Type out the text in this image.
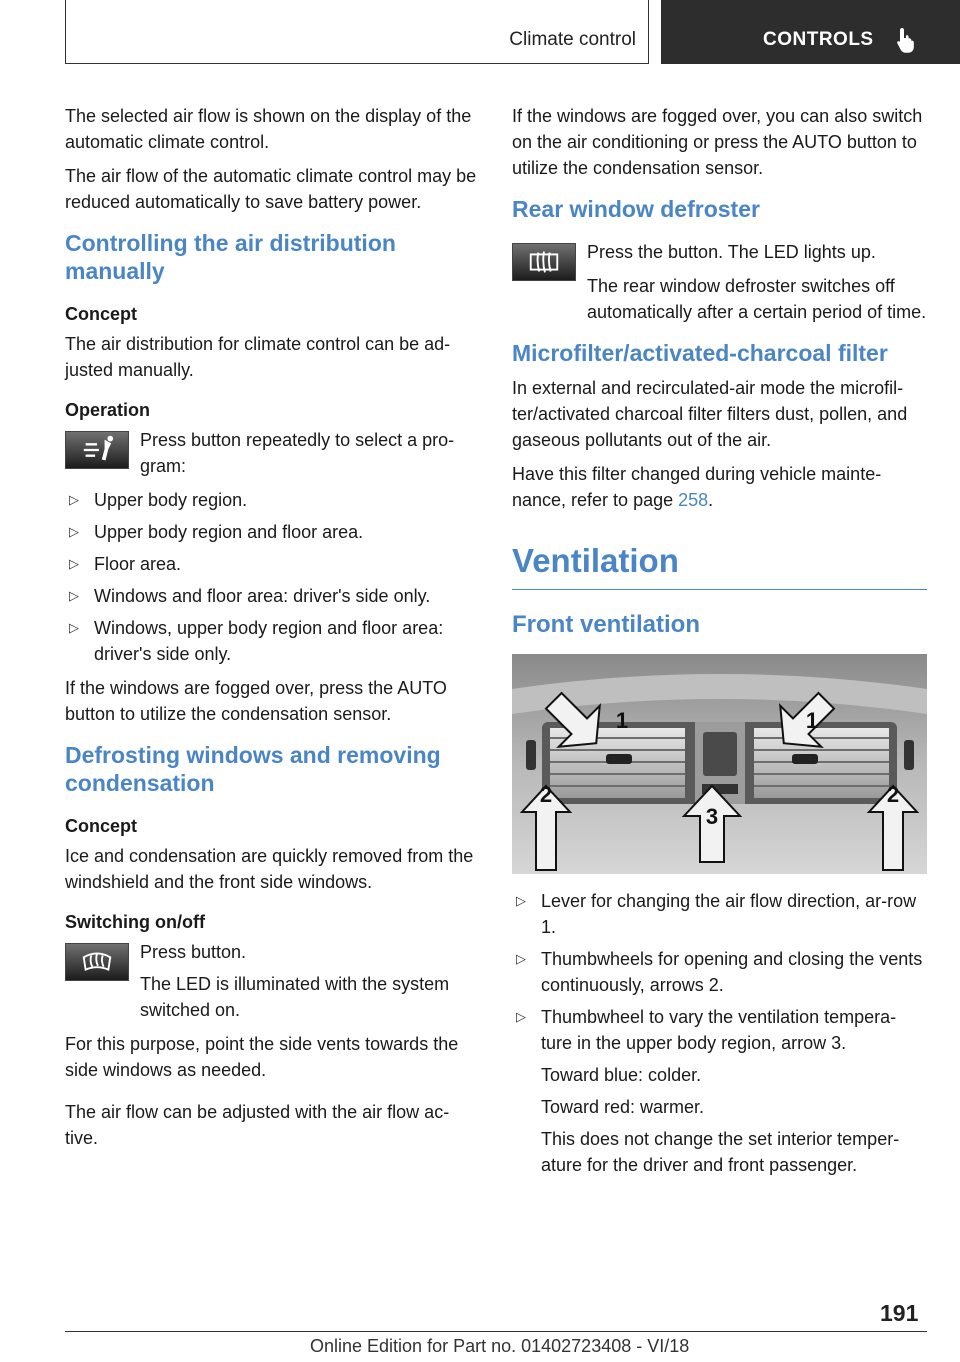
Climate control	CONTROLS

The selected air flow is shown on the display of the automatic climate control.

The air flow of the automatic climate control may be reduced automatically to save battery power.

Controlling the air distribution manually
Concept

The air distribution for climate control can be ad‐justed manually.

Operation

Press button repeatedly to select a pro‐gram:

▷ Upper body region.
▷ Upper body region and floor area.
▷ Floor area.
▷ Windows and floor area: driver's side only.
▷ Windows, upper body region and floor area: driver's side only.

If the windows are fogged over, press the AUTO button to utilize the condensation sensor.

Defrosting windows and removing condensation
Concept

Ice and condensation are quickly removed from the windshield and the front side windows.

Switching on/off

Press button.

The LED is illuminated with the system switched on.

For this purpose, point the side vents towards the side windows as needed.

The air flow can be adjusted with the air flow ac‐tive.

If the windows are fogged over, you can also switch on the air conditioning or press the AUTO button to utilize the condensation sensor.

Rear window defroster

Press the button. The LED lights up.

The rear window defroster switches off automatically after a certain period of time.

Microfilter/activated-charcoal filter

In external and recirculated-air mode the microfil‐ter/activated charcoal filter filters dust, pollen, and gaseous pollutants out of the air.

Have this filter changed during vehicle mainte‐nance, refer to page 258.

Ventilation
Front ventilation
1	1
2	2
3
▷ Lever for changing the air flow direction, ar‐row 1.
▷ Thumbwheels for opening and closing the vents continuously, arrows 2.
▷ Thumbwheel to vary the ventilation tempera‐ture in the upper body region, arrow 3.

Toward blue: colder.

Toward red: warmer.

This does not change the set interior temper‐ature for the driver and front passenger.

191
Online Edition for Part no. 01402723408 - VI/18
